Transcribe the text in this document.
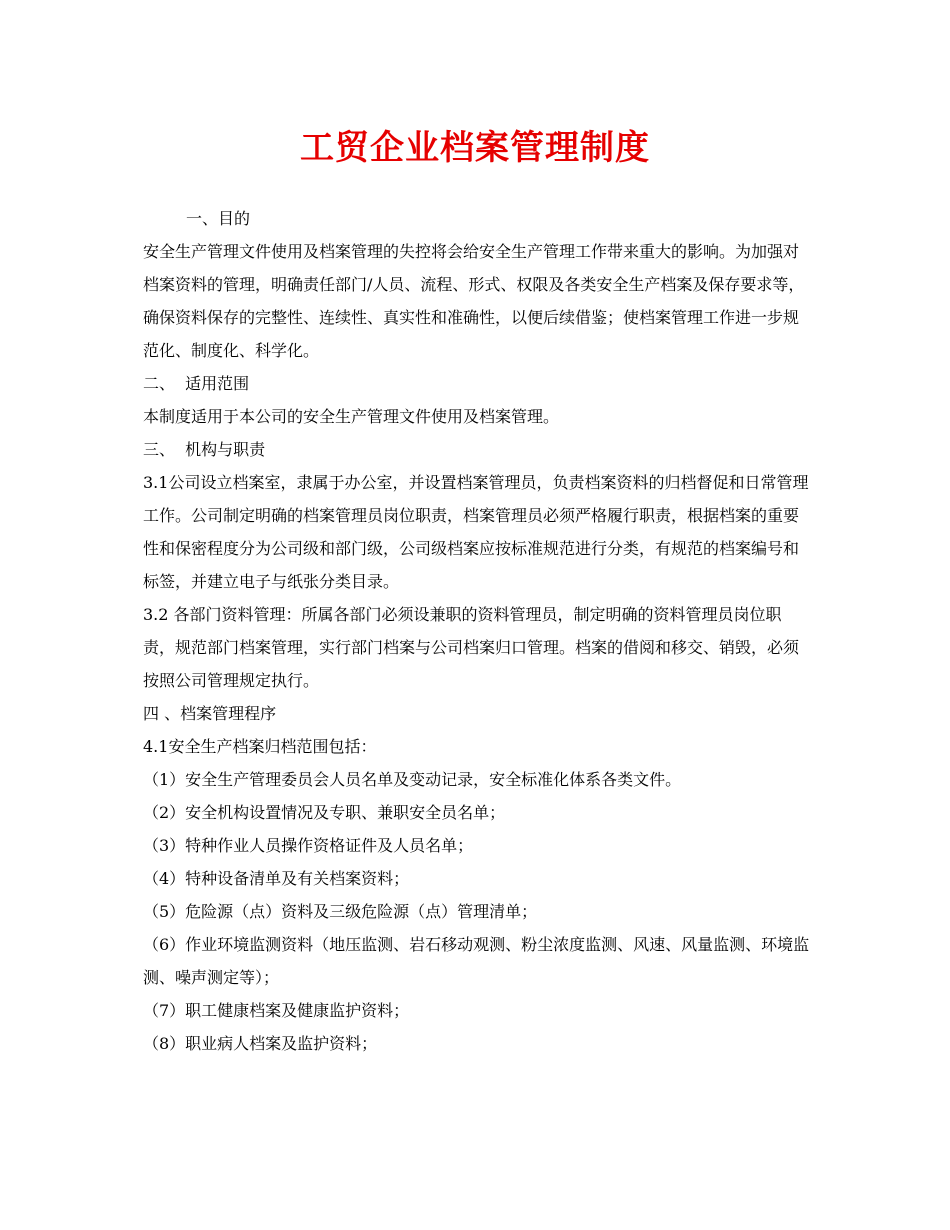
工贸企业档案管理制度

一、目的

安全生产管理文件使用及档案管理的失控将会给安全生产管理工作带来重大的影响。为加强对档案资料的管理，明确责任部门/人员、流程、形式、权限及各类安全生产档案及保存要求等，确保资料保存的完整性、连续性、真实性和准确性，以便后续借鉴；使档案管理工作进一步规范化、制度化、科学化。

二、  适用范围

本制度适用于本公司的安全生产管理文件使用及档案管理。

三、  机构与职责

3.1公司设立档案室，隶属于办公室，并设置档案管理员，负责档案资料的归档督促和日常管理工作。公司制定明确的档案管理员岗位职责，档案管理员必须严格履行职责，根据档案的重要性和保密程度分为公司级和部门级，公司级档案应按标准规范进行分类，有规范的档案编号和标签，并建立电子与纸张分类目录。

3.2 各部门资料管理：所属各部门必须设兼职的资料管理员，制定明确的资料管理员岗位职责，规范部门档案管理，实行部门档案与公司档案归口管理。档案的借阅和移交、销毁，必须按照公司管理规定执行。

四 、档案管理程序

4.1安全生产档案归档范围包括：

（1）安全生产管理委员会人员名单及变动记录，安全标准化体系各类文件。

（2）安全机构设置情况及专职、兼职安全员名单；

（3）特种作业人员操作资格证件及人员名单；

（4）特种设备清单及有关档案资料；

（5）危险源（点）资料及三级危险源（点）管理清单；

（6）作业环境监测资料（地压监测、岩石移动观测、粉尘浓度监测、风速、风量监测、环境监测、噪声测定等）；

（7）职工健康档案及健康监护资料；

（8）职业病人档案及监护资料；
